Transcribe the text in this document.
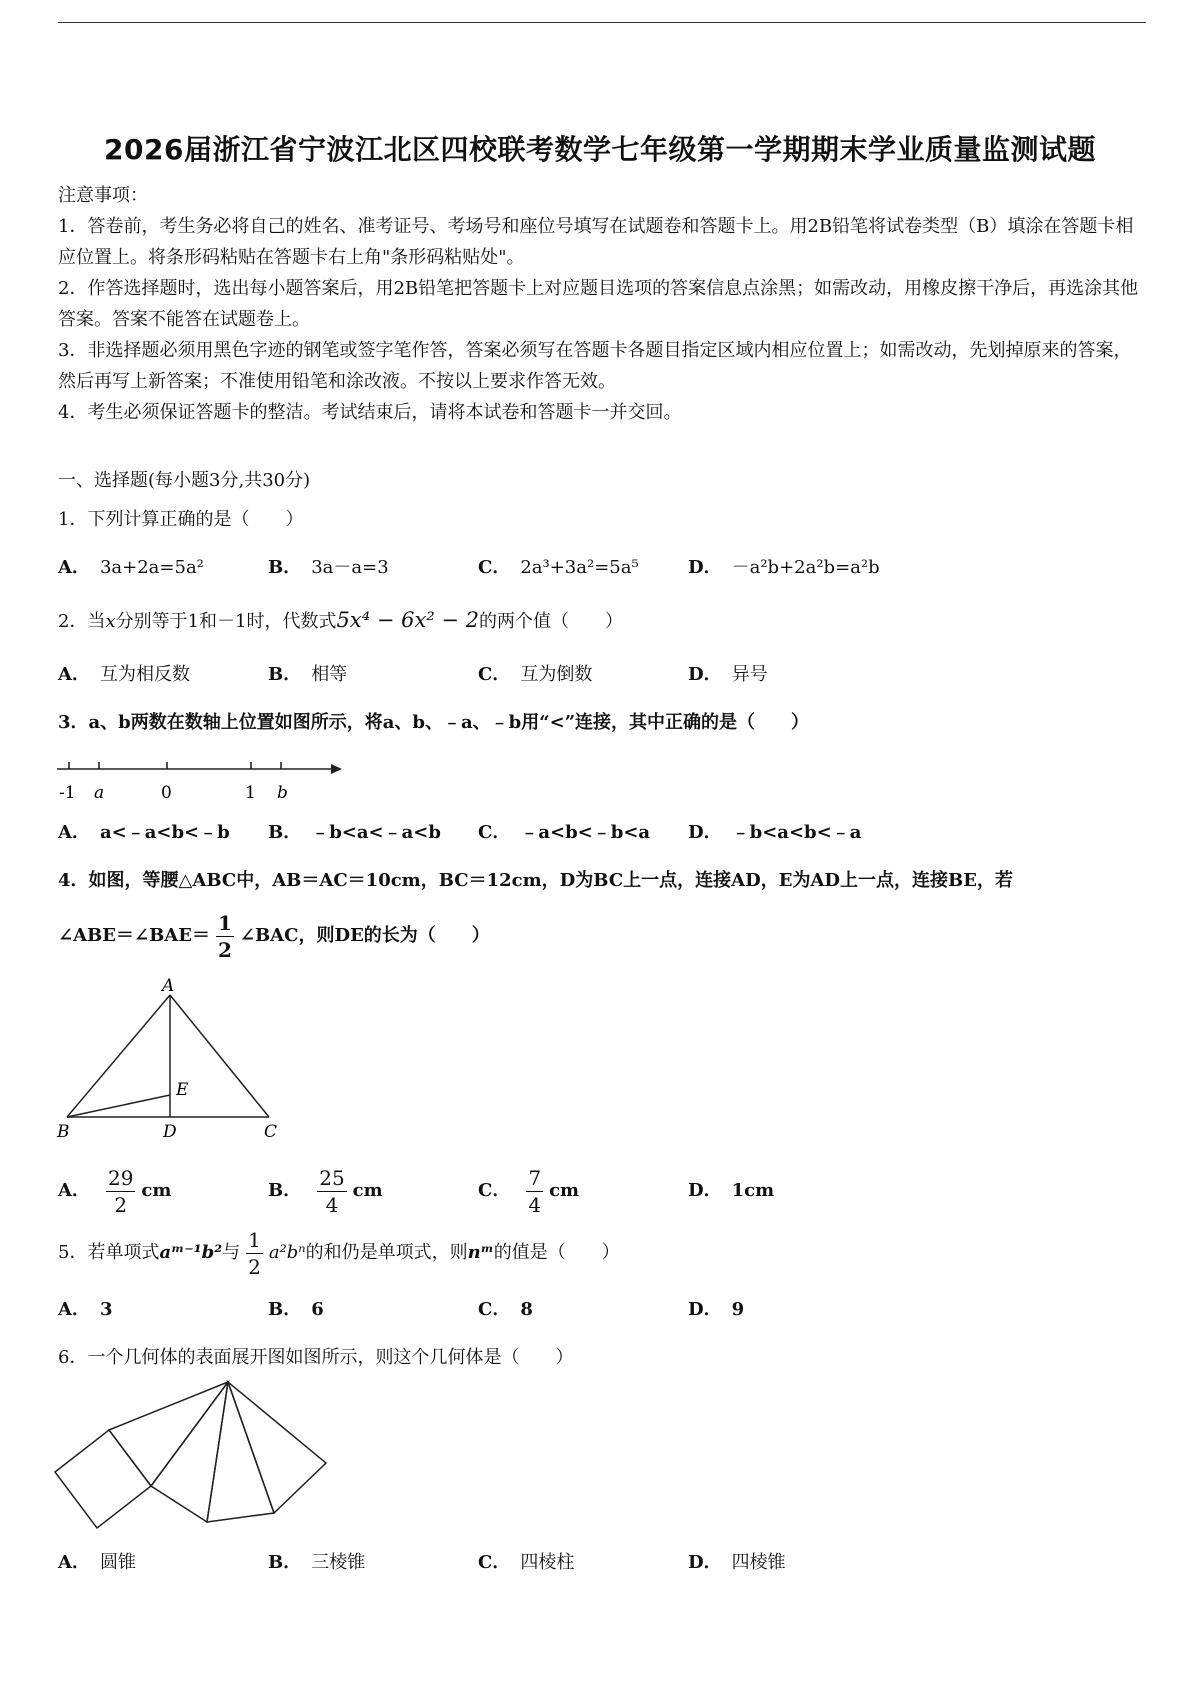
2026届浙江省宁波江北区四校联考数学七年级第一学期期末学业质量监测试题
注意事项：
1．答卷前，考生务必将自己的姓名、准考证号、考场号和座位号填写在试题卷和答题卡上。用2B铅笔将试卷类型（B）填涂在答题卡相应位置上。将条形码粘贴在答题卡右上角"条形码粘贴处"。
2．作答选择题时，选出每小题答案后，用2B铅笔把答题卡上对应题目选项的答案信息点涂黑；如需改动，用橡皮擦干净后，再选涂其他答案。答案不能答在试题卷上。
3．非选择题必须用黑色字迹的钢笔或签字笔作答，答案必须写在答题卡各题目指定区域内相应位置上；如需改动，先划掉原来的答案，然后再写上新答案；不准使用铅笔和涂改液。不按以上要求作答无效。
4．考生必须保证答题卡的整洁。考试结束后，请将本试卷和答题卡一并交回。
一、选择题(每小题3分,共30分)
1．下列计算正确的是（　　）
A． 3a+2a=5a²	B． 3a－a=3	C． 2a³+3a²=5a⁵	D． －a²b+2a²b=a²b
2．当x分别等于1和－1时，代数式5x⁴ − 6x² − 2的两个值（　　）
A． 互为相反数	B． 相等	C． 互为倒数	D． 异号
3．a、b两数在数轴上位置如图所示，将a、b、﹣a、﹣b用“<”连接，其中正确的是（　　）
-1 a	0	1 b
A． a<﹣a<b<﹣b B． ﹣b<a<﹣a<b C． ﹣a<b<﹣b<a D． ﹣b<a<b<﹣a
4．如图，等腰△ABC中，AB＝AC＝10cm，BC＝12cm，D为BC上一点，连接AD，E为AD上一点，连接BE，若
∠ABE＝∠BAE＝ $\frac{1}{2}$ ∠BAC，则DE的长为（　　）
A
B	C
D
E
A． $\frac{29}{2}$ cm	B． $\frac{25}{4}$ cm	C． $\frac{7}{4}$ cm	D． 1cm
5．若单项式aᵐ⁻¹b²与 $\frac{1}{2} a^2b^n$的和仍是单项式，则nᵐ的值是（　　）
A． 3	B． 6	C． 8	D． 9
6．一个几何体的表面展开图如图所示，则这个几何体是（　　）
A． 圆锥	B． 三棱锥	C． 四棱柱	D． 四棱锥
